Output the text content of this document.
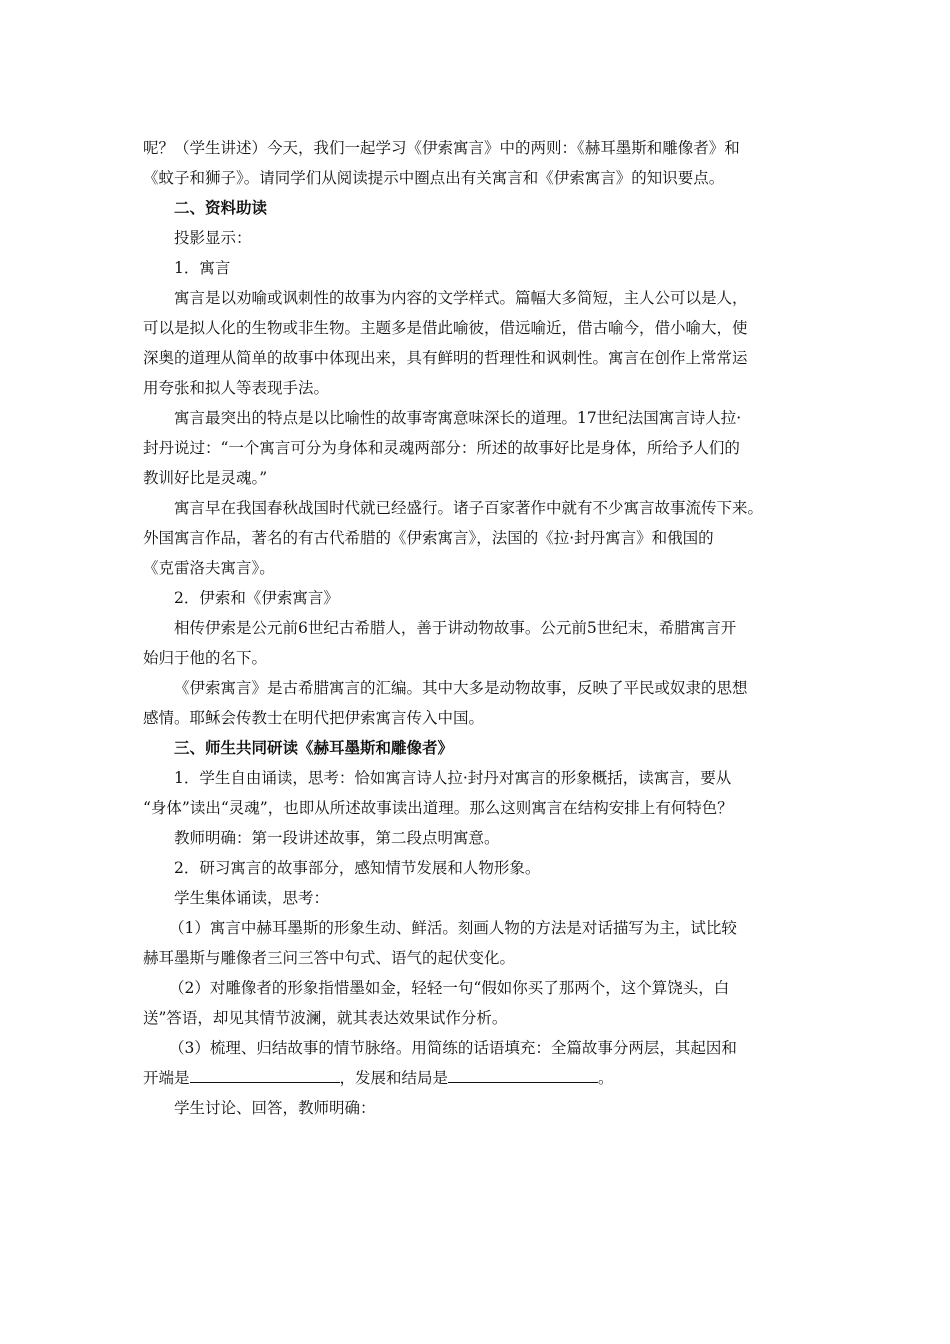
呢？（学生讲述）今天，我们一起学习《伊索寓言》中的两则：《赫耳墨斯和雕像者》和
《蚊子和狮子》。请同学们从阅读提示中圈点出有关寓言和《伊索寓言》的知识要点。
二、资料助读
投影显示：
1．寓言
寓言是以劝喻或讽刺性的故事为内容的文学样式。篇幅大多简短，主人公可以是人，
可以是拟人化的生物或非生物。主题多是借此喻彼，借远喻近，借古喻今，借小喻大，使
深奥的道理从简单的故事中体现出来，具有鲜明的哲理性和讽刺性。寓言在创作上常常运
用夸张和拟人等表现手法。
寓言最突出的特点是以比喻性的故事寄寓意味深长的道理。17世纪法国寓言诗人拉·
封丹说过：“一个寓言可分为身体和灵魂两部分：所述的故事好比是身体，所给予人们的
教训好比是灵魂。”
寓言早在我国春秋战国时代就已经盛行。诸子百家著作中就有不少寓言故事流传下来。
外国寓言作品，著名的有古代希腊的《伊索寓言》，法国的《拉·封丹寓言》和俄国的
《克雷洛夫寓言》。
2．伊索和《伊索寓言》
相传伊索是公元前6世纪古希腊人，善于讲动物故事。公元前5世纪末，希腊寓言开
始归于他的名下。
《伊索寓言》是古希腊寓言的汇编。其中大多是动物故事，反映了平民或奴隶的思想
感情。耶稣会传教士在明代把伊索寓言传入中国。
三、师生共同研读《赫耳墨斯和雕像者》
1．学生自由诵读，思考：恰如寓言诗人拉·封丹对寓言的形象概括，读寓言，要从
“身体”读出“灵魂”，也即从所述故事读出道理。那么这则寓言在结构安排上有何特色？
教师明确：第一段讲述故事，第二段点明寓意。
2．研习寓言的故事部分，感知情节发展和人物形象。
学生集体诵读，思考：
（1）寓言中赫耳墨斯的形象生动、鲜活。刻画人物的方法是对话描写为主，试比较
赫耳墨斯与雕像者三问三答中句式、语气的起伏变化。
（2）对雕像者的形象指惜墨如金，轻轻一句“假如你买了那两个，这个算饶头，白
送”答语，却见其情节波澜，就其表达效果试作分析。
（3）梳理、归结故事的情节脉络。用简练的话语填充：全篇故事分两层，其起因和
开端是	，发展和结局是	。
学生讨论、回答，教师明确：
